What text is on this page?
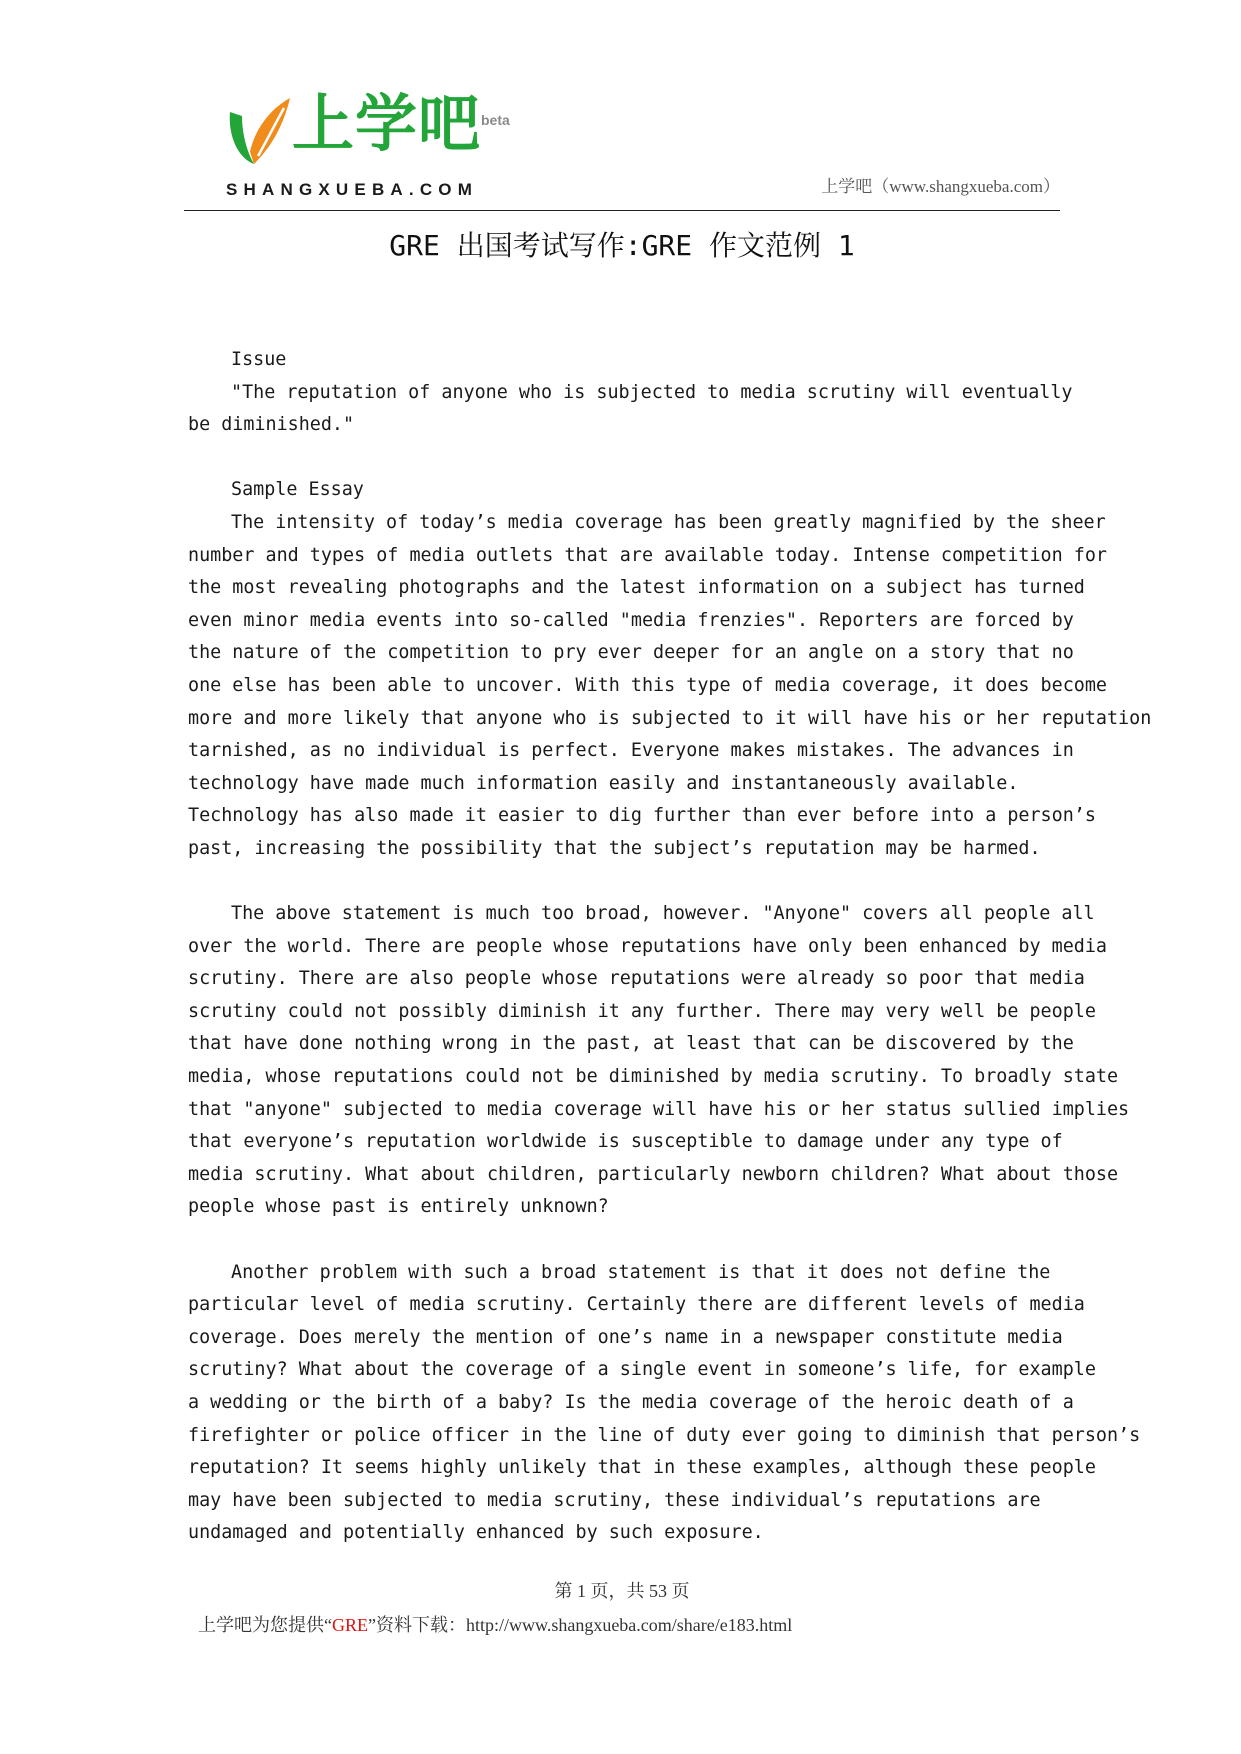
上学吧 beta
SHANGXUEBA.COM	上学吧（www.shangxueba.com）
GRE 出国考试写作:GRE 作文范例 1
Issue
"The reputation of anyone who is subjected to media scrutiny will eventually
be diminished."
Sample Essay
The intensity of today’s media coverage has been greatly magnified by the sheer
number and types of media outlets that are available today. Intense competition for
the most revealing photographs and the latest information on a subject has turned
even minor media events into so-called "media frenzies". Reporters are forced by
the nature of the competition to pry ever deeper for an angle on a story that no
one else has been able to uncover. With this type of media coverage, it does become
more and more likely that anyone who is subjected to it will have his or her reputation
tarnished, as no individual is perfect. Everyone makes mistakes. The advances in
technology have made much information easily and instantaneously available.
Technology has also made it easier to dig further than ever before into a person’s
past, increasing the possibility that the subject’s reputation may be harmed.
The above statement is much too broad, however. "Anyone" covers all people all
over the world. There are people whose reputations have only been enhanced by media
scrutiny. There are also people whose reputations were already so poor that media
scrutiny could not possibly diminish it any further. There may very well be people
that have done nothing wrong in the past, at least that can be discovered by the
media, whose reputations could not be diminished by media scrutiny. To broadly state
that "anyone" subjected to media coverage will have his or her status sullied implies
that everyone’s reputation worldwide is susceptible to damage under any type of
media scrutiny. What about children, particularly newborn children? What about those
people whose past is entirely unknown?
Another problem with such a broad statement is that it does not define the
particular level of media scrutiny. Certainly there are different levels of media
coverage. Does merely the mention of one’s name in a newspaper constitute media
scrutiny? What about the coverage of a single event in someone’s life, for example
a wedding or the birth of a baby? Is the media coverage of the heroic death of a
firefighter or police officer in the line of duty ever going to diminish that person’s
reputation? It seems highly unlikely that in these examples, although these people
may have been subjected to media scrutiny, these individual’s reputations are
undamaged and potentially enhanced by such exposure.
第 1 页，共 53 页
上学吧为您提供“GRE”资料下载：http://www.shangxueba.com/share/e183.html
